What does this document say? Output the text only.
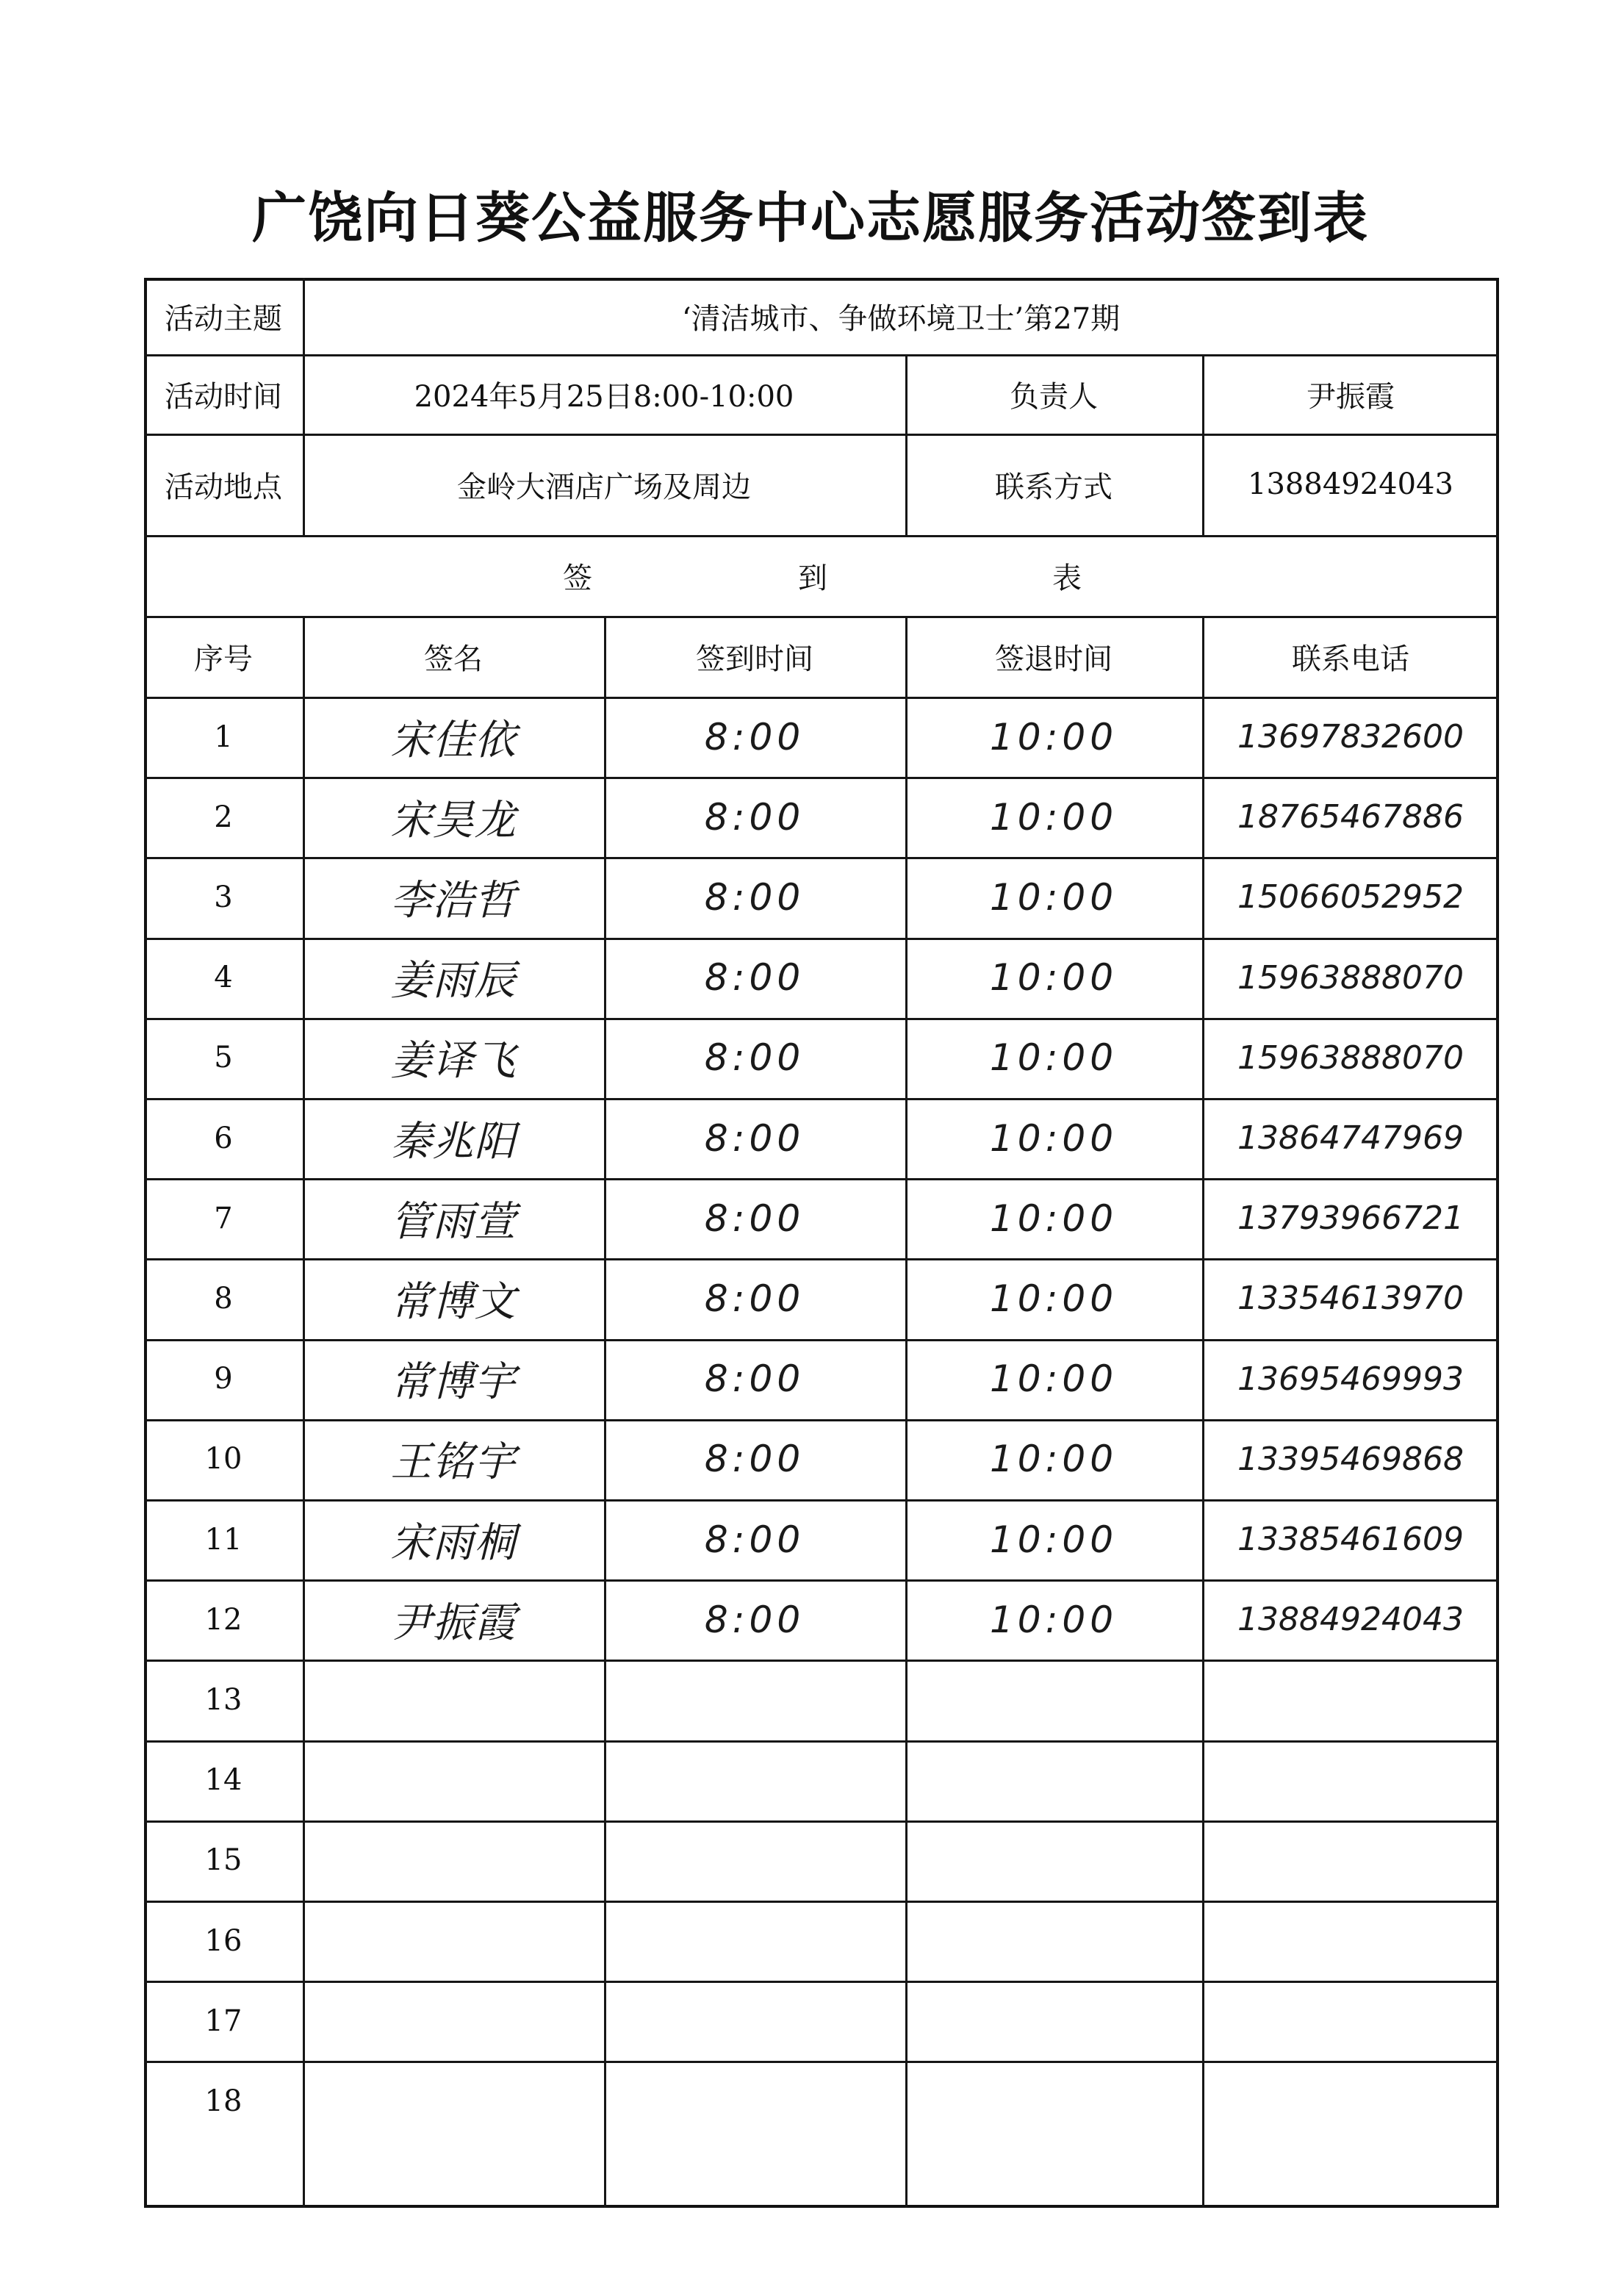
广饶向日葵公益服务中心志愿服务活动签到表
活动主题	‘清洁城市、争做环境卫士’第27期
活动时间	2024年5月25日8:00-10:00	负责人	尹振霞
活动地点	金岭大酒店广场及周边	联系方式	13884924043
签	到	表
序号	签名	签到时间	签退时间	联系电话
1	宋佳依	8:00	10:00	13697832600
2	宋昊龙	8:00	10:00	18765467886
3	李浩哲	8:00	10:00	15066052952
4	姜雨辰	8:00	10:00	15963888070
5	姜译飞	8:00	10:00	15963888070
6	秦兆阳	8:00	10:00	13864747969
7	管雨萱	8:00	10:00	13793966721
8	常博文	8:00	10:00	13354613970
9	常博宇	8:00	10:00	13695469993
10	王铭宇	8:00	10:00	13395469868
11	宋雨桐	8:00	10:00	13385461609
12	尹振霞	8:00	10:00	13884924043
13
14
15
16
17
18
